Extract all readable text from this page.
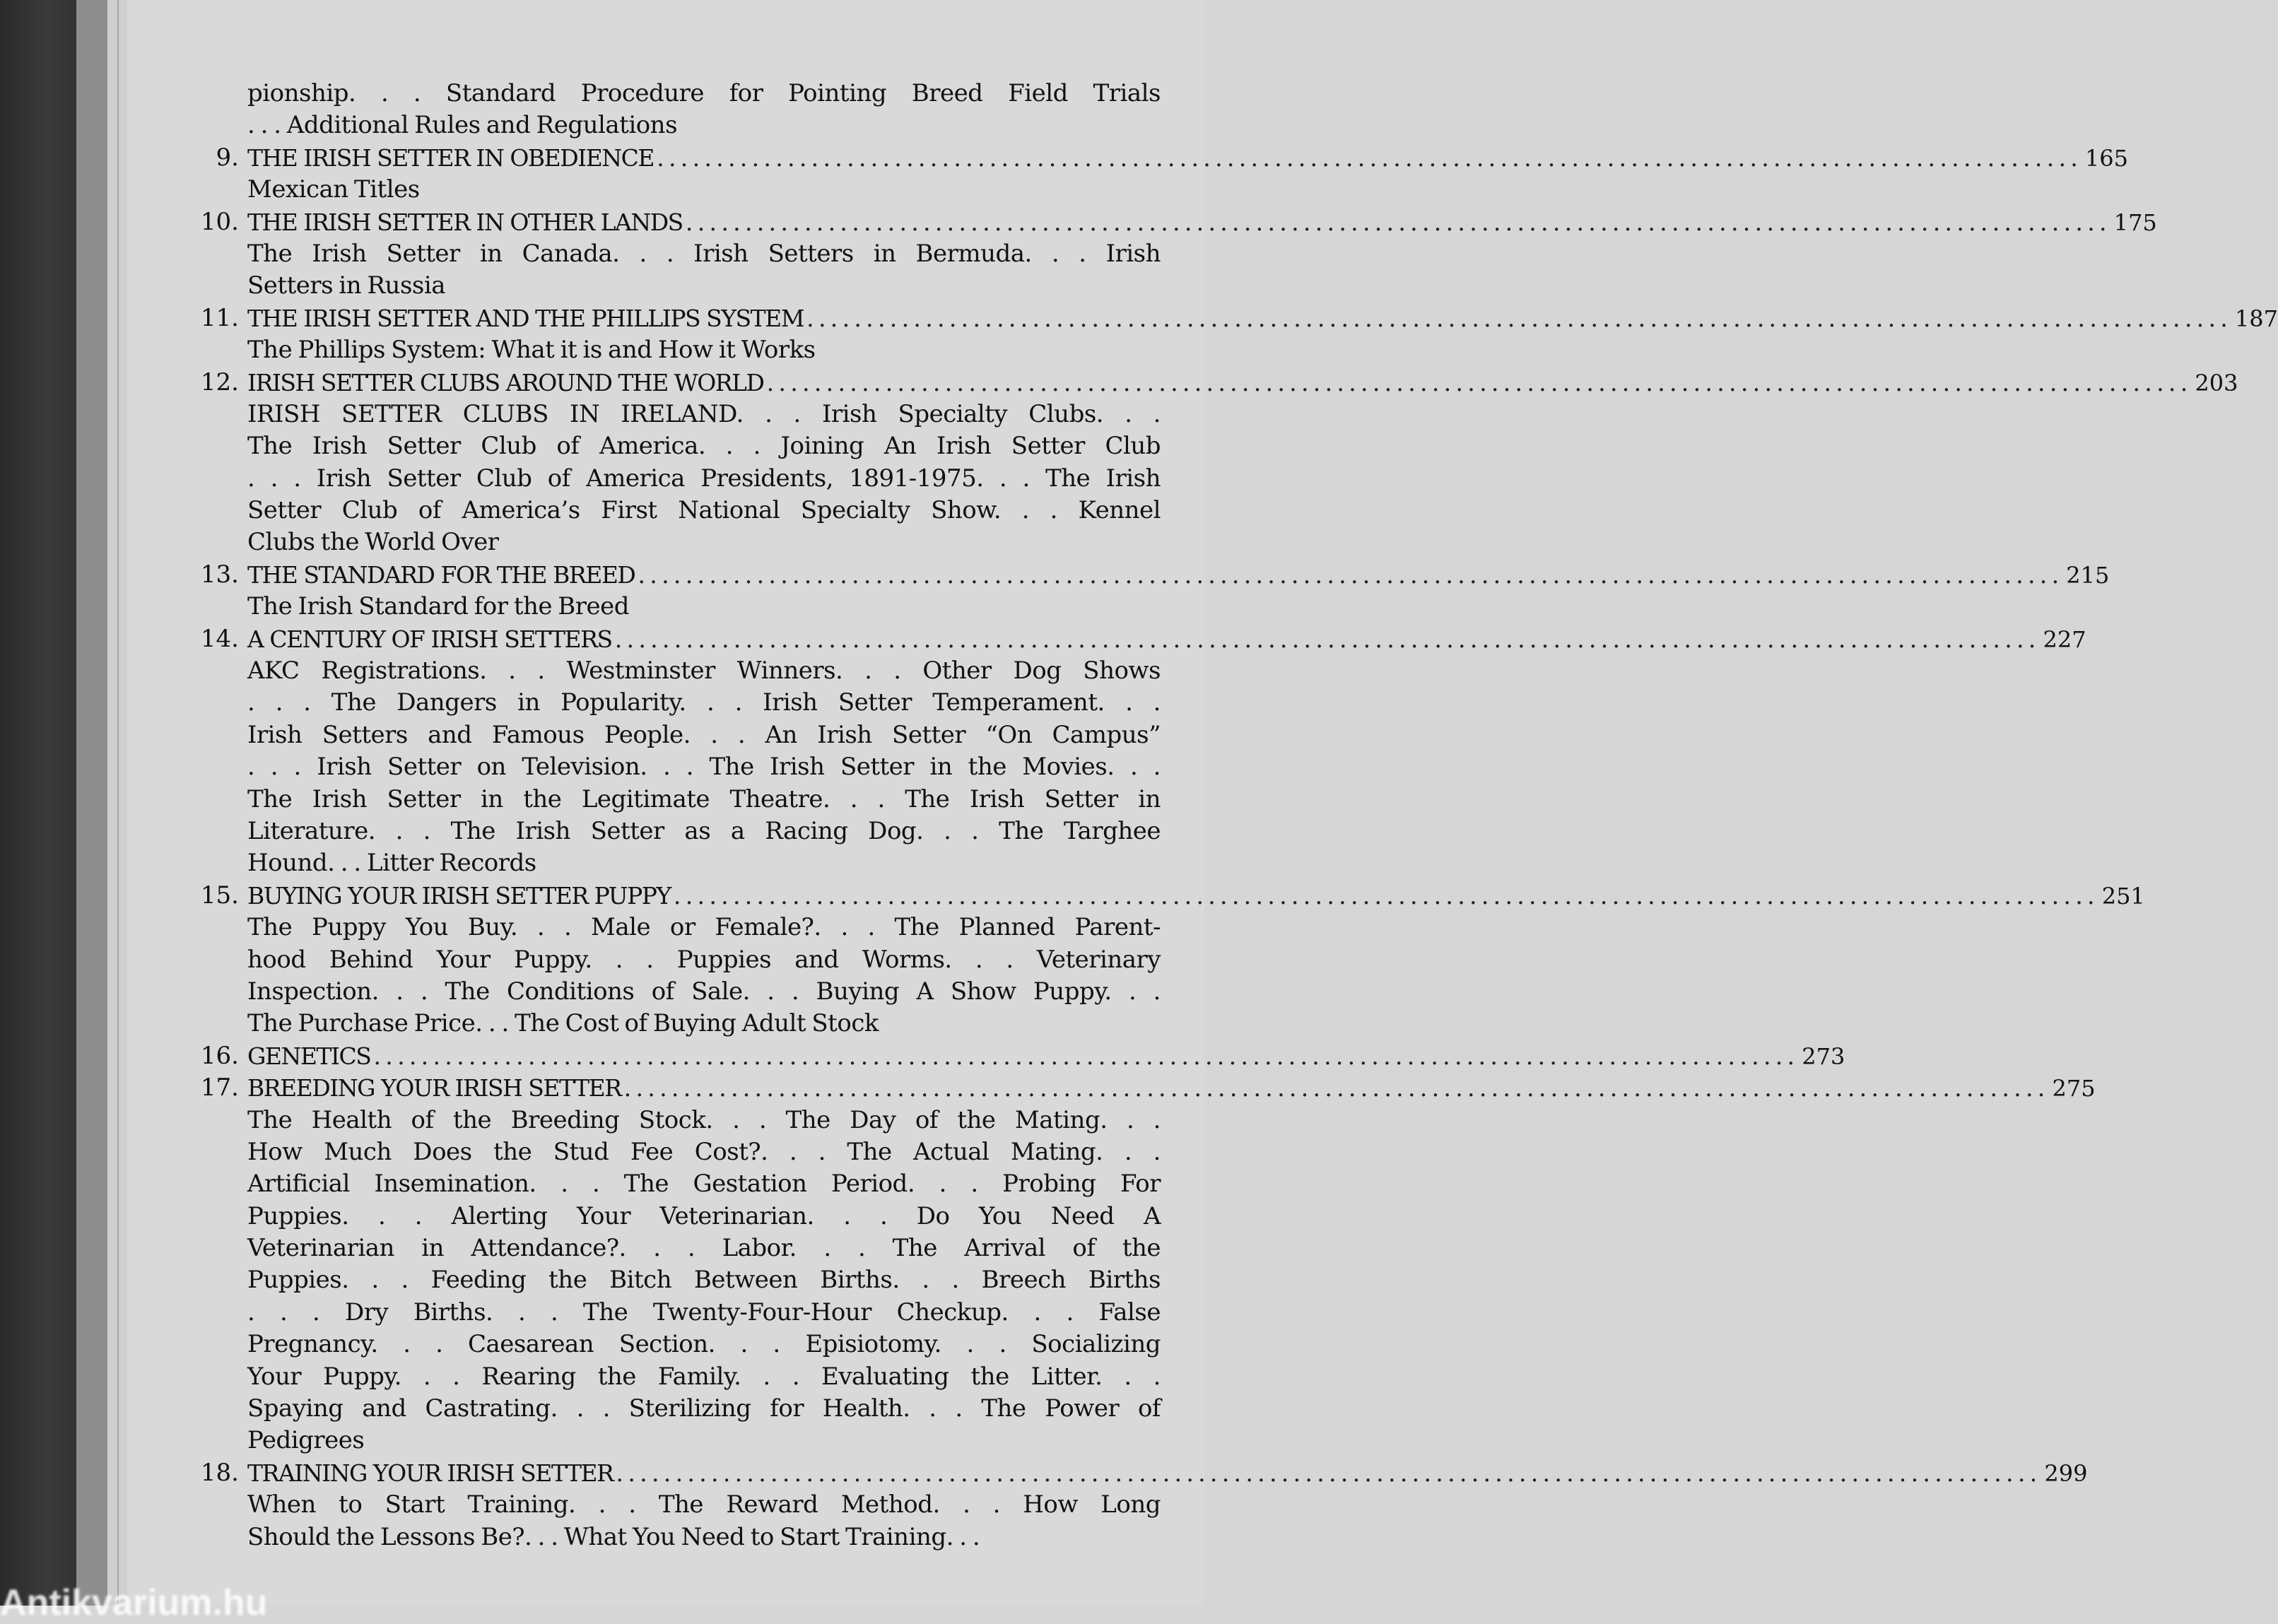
pionship. . . Standard Procedure for Pointing Breed Field Trials
. . . Additional Rules and Regulations
9. THE IRISH SETTER IN OBEDIENCE ........................................................................................................................ 165
Mexican Titles
10. THE IRISH SETTER IN OTHER LANDS ........................................................................................................................ 175
The Irish Setter in Canada. . . Irish Setters in Bermuda. . . Irish
Setters in Russia
11. THE IRISH SETTER AND THE PHILLIPS SYSTEM ........................................................................................................................ 187
The Phillips System: What it is and How it Works
12. IRISH SETTER CLUBS AROUND THE WORLD ........................................................................................................................ 203
IRISH SETTER CLUBS IN IRELAND. . . Irish Specialty Clubs. . .
The Irish Setter Club of America. . . Joining An Irish Setter Club
. . . Irish Setter Club of America Presidents, 1891-1975. . . The Irish
Setter Club of America’s First National Specialty Show. . . Kennel
Clubs the World Over
13. THE STANDARD FOR THE BREED ........................................................................................................................ 215
The Irish Standard for the Breed
14. A CENTURY OF IRISH SETTERS ........................................................................................................................ 227
AKC Registrations. . . Westminster Winners. . . Other Dog Shows
. . . The Dangers in Popularity. . . Irish Setter Temperament. . .
Irish Setters and Famous People. . . An Irish Setter “On Campus”
. . . Irish Setter on Television. . . The Irish Setter in the Movies. . .
The Irish Setter in the Legitimate Theatre. . . The Irish Setter in
Literature. . . The Irish Setter as a Racing Dog. . . The Targhee
Hound. . . Litter Records
15. BUYING YOUR IRISH SETTER PUPPY ........................................................................................................................ 251
The Puppy You Buy. . . Male or Female?. . . The Planned Parent-
hood Behind Your Puppy. . . Puppies and Worms. . . Veterinary
Inspection. . . The Conditions of Sale. . . Buying A Show Puppy. . .
The Purchase Price. . . The Cost of Buying Adult Stock
16. GENETICS ........................................................................................................................ 273
17. BREEDING YOUR IRISH SETTER ........................................................................................................................ 275
The Health of the Breeding Stock. . . The Day of the Mating. . .
How Much Does the Stud Fee Cost?. . . The Actual Mating. . .
Artificial Insemination. . . The Gestation Period. . . Probing For
Puppies. . . Alerting Your Veterinarian. . . Do You Need A
Veterinarian in Attendance?. . . Labor. . . The Arrival of the
Puppies. . . Feeding the Bitch Between Births. . . Breech Births
. . . Dry Births. . . The Twenty-Four-Hour Checkup. . . False
Pregnancy. . . Caesarean Section. . . Episiotomy. . . Socializing
Your Puppy. . . Rearing the Family. . . Evaluating the Litter. . .
Spaying and Castrating. . . Sterilizing for Health. . . The Power of
Pedigrees
18. TRAINING YOUR IRISH SETTER ........................................................................................................................ 299
When to Start Training. . . The Reward Method. . . How Long
Should the Lessons Be?. . . What You Need to Start Training. . .
Antikvarium.hu
